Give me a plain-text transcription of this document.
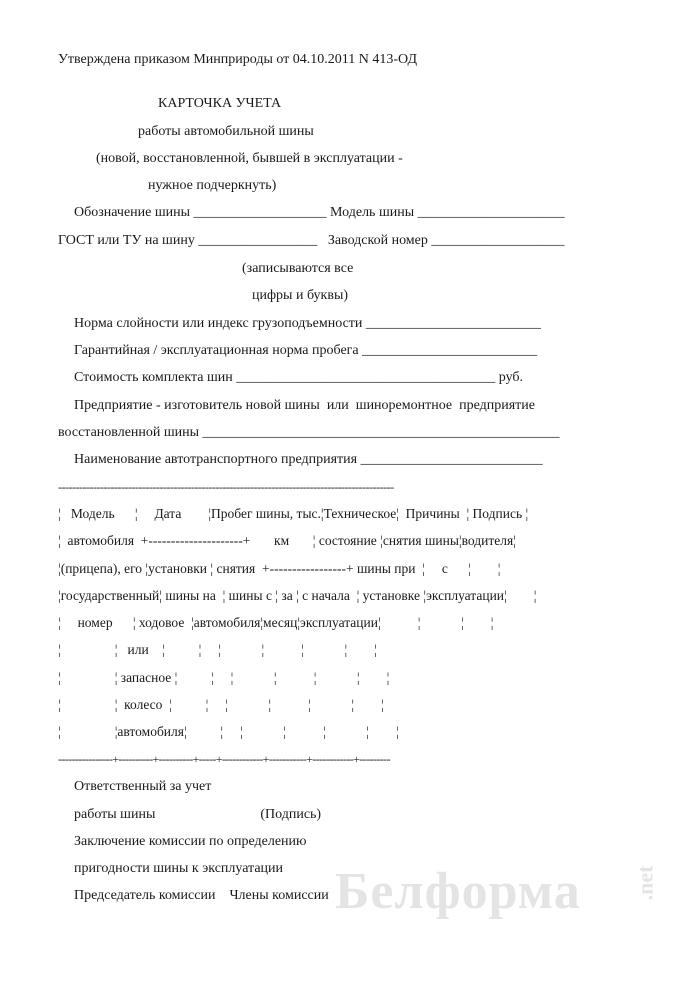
Утверждена приказом Минприроды от 04.10.2011 N 413-ОД
КАРТОЧКА УЧЕТА
работы автомобильной шины
(новой, восстановленной, бывшей в эксплуатации -
нужное подчеркнуть)
Обозначение шины ___________________ Модель шины _____________________
ГОСТ или ТУ на шину _________________   Заводской номер ___________________
(записываются все
цифры и буквы)
Норма слойности или индекс грузоподъемности _________________________
Гарантийная / эксплуатационная норма пробега _________________________
Стоимость комплекта шин _____________________________________ руб.
Предприятие - изготовитель новой шины  или  шиноремонтное  предприятие
восстановленной шины ___________________________________________________
Наименование автотранспортного предприятия __________________________
------------------------------------------------------------------------------------------------
¦   Модель      ¦     Дата        ¦Пробег шины, тыс.¦Техническое¦  Причины  ¦ Подпись ¦
¦  автомобиля  +---------------------+       км       ¦ состояние ¦снятия шины¦водителя¦
¦(прицепа), его ¦установки ¦ снятия  +-----------------+ шины при  ¦     с      ¦        ¦
¦государственный¦ шины на  ¦ шины с ¦ за ¦ с начала  ¦ установке ¦эксплуатации¦        ¦
¦     номер      ¦ ходовое  ¦автомобиля¦месяц¦эксплуатации¦           ¦            ¦        ¦
¦                ¦   или    ¦          ¦     ¦            ¦           ¦            ¦        ¦
¦                ¦ запасное ¦          ¦     ¦            ¦           ¦            ¦        ¦
¦                ¦  колесо  ¦          ¦     ¦            ¦           ¦            ¦        ¦
¦                ¦автомобиля¦          ¦     ¦            ¦           ¦            ¦        ¦
----------------+----------+----------+-----+------------+-----------+------------+---------
Ответственный за учет
работы шины                              (Подпись)
Заключение комиссии по определению
пригодности шины к эксплуатации
Председатель комиссии    Члены комиссии Белформа .net
